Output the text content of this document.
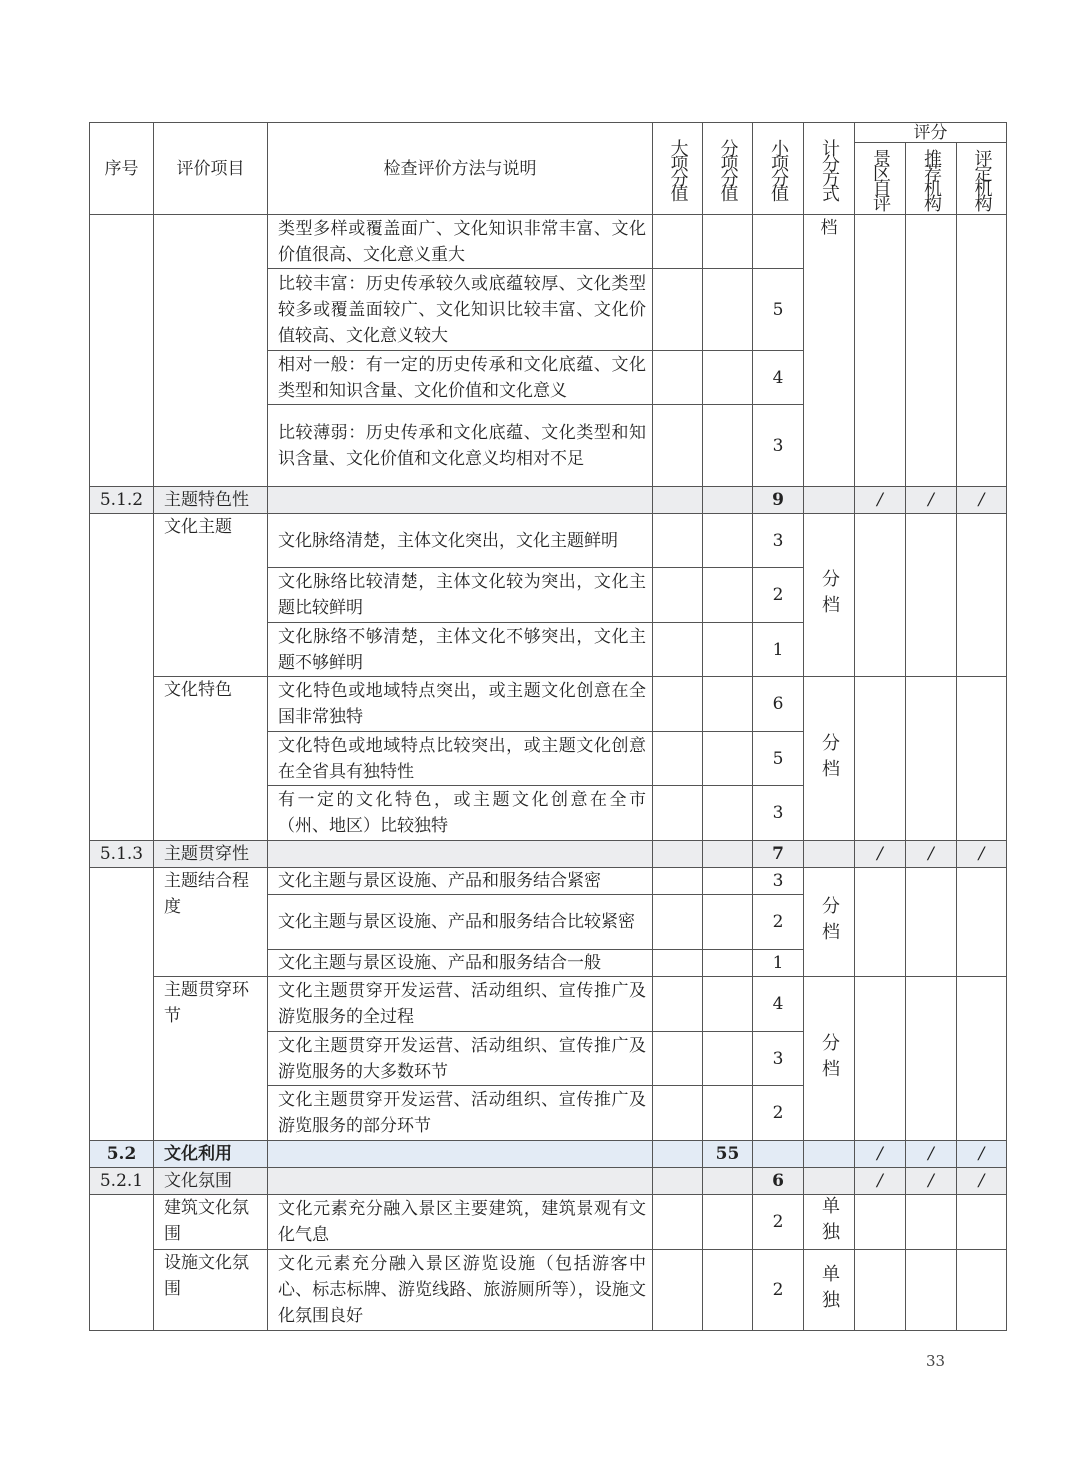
序号	评价项目	检查评价方法与说明	大项分值	分项分值	小项分值	计分方式	评分		

							景区自评	推荐机构	评定机构

		类型多样或覆盖面广、文化知识非常丰富、文化价值很高、文化意义重大				档			
		比较丰富：历史传承较久或底蕴较厚、文化类型较多或覆盖面较广、文化知识比较丰富、文化价值较高、文化意义较大			5				
		相对一般：有一定的历史传承和文化底蕴、文化类型和知识含量、文化价值和文化意义			4				
		比较薄弱：历史传承和文化底蕴、文化类型和知识含量、文化价值和文化意义均相对不足			3				
5.1.2	主题特色性				9		/	/	/
	文化主题	文化脉络清楚，主体文化突出，文化主题鲜明			3	分档			

		文化脉络比较清楚，主体文化较为突出，文化主题比较鲜明			2				
		文化脉络不够清楚，主体文化不够突出，文化主题不够鲜明			1				
	文化特色	文化特色或地域特点突出，或主题文化创意在全国非常独特			6	分档			

		文化特色或地域特点比较突出，或主题文化创意在全省具有独特性			5				
		有一定的文化特色，或主题文化创意在全市（州、地区）比较独特			3				
5.1.3	主题贯穿性				7		/	/	/
	主题结合程度	文化主题与景区设施、产品和服务结合紧密			3	分档			

		文化主题与景区设施、产品和服务结合比较紧密			2				
		文化主题与景区设施、产品和服务结合一般			1				
	主题贯穿环节	文化主题贯穿开发运营、活动组织、宣传推广及游览服务的全过程			4	分档			

		文化主题贯穿开发运营、活动组织、宣传推广及游览服务的大多数环节			3				
		文化主题贯穿开发运营、活动组织、宣传推广及游览服务的部分环节			2				
5.2	文化利用			55			/	/	/
5.2.1	文化氛围				6		/	/	/
	建筑文化氛围	文化元素充分融入景区主要建筑，建筑景观有文化气息			2	单独			

	设施文化氛围	文化元素充分融入景区游览设施（包括游客中心、标志标牌、游览线路、旅游厕所等），设施文化氛围良好			2	单独			

33
